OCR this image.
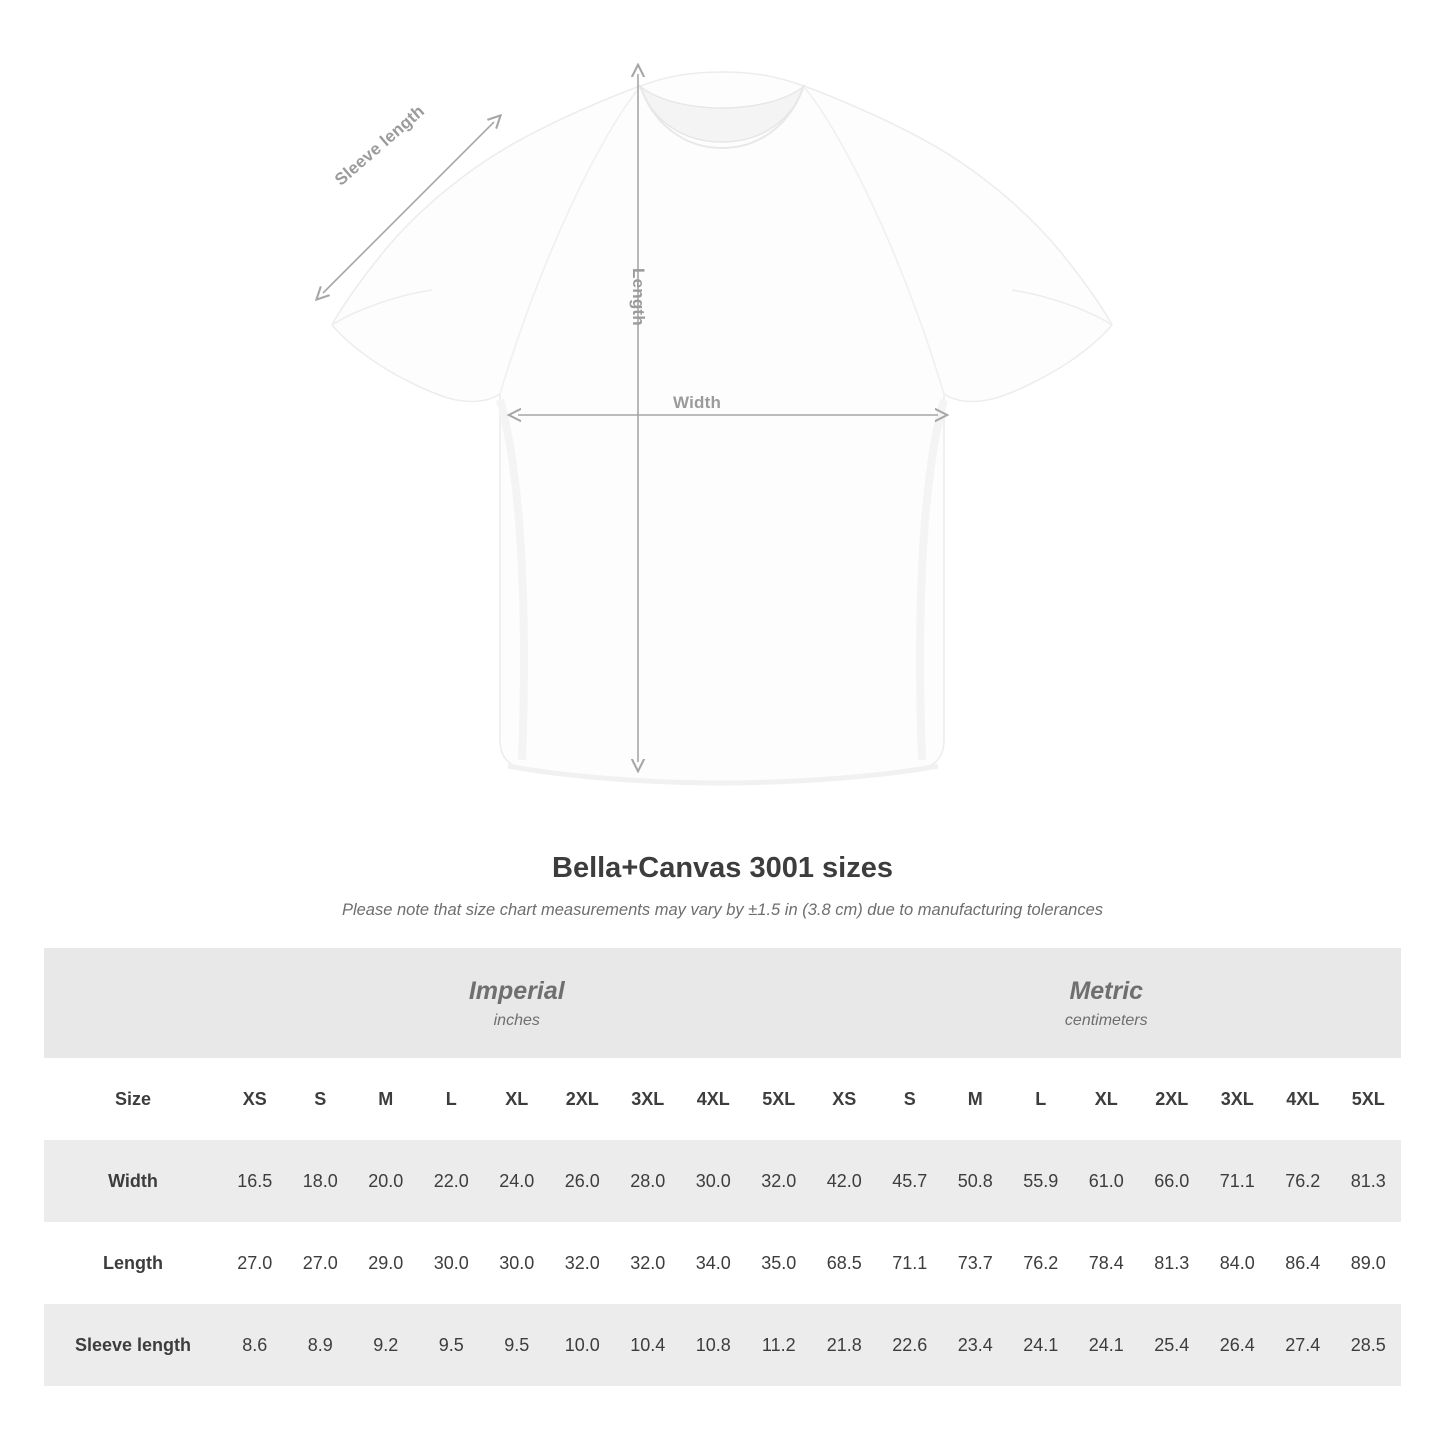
Sleeve length
Length
Width
Bella+Canvas 3001 sizes
Please note that size chart measurements may vary by ±1.5 in (3.8 cm) due to manufacturing tolerances

Imperial
inches

Metric
centimeters

Size	XS	S	M	L	XL	2XL	3XL	4XL	5XL	XS	S	M	L	XL	2XL	3XL	4XL	5XL
Width	16.5	18.0	20.0	22.0	24.0	26.0	28.0	30.0	32.0	42.0	45.7	50.8	55.9	61.0	66.0	71.1	76.2	81.3
Length	27.0	27.0	29.0	30.0	30.0	32.0	32.0	34.0	35.0	68.5	71.1	73.7	76.2	78.4	81.3	84.0	86.4	89.0
Sleeve length	8.6	8.9	9.2	9.5	9.5	10.0	10.4	10.8	11.2	21.8	22.6	23.4	24.1	24.1	25.4	26.4	27.4	28.5
